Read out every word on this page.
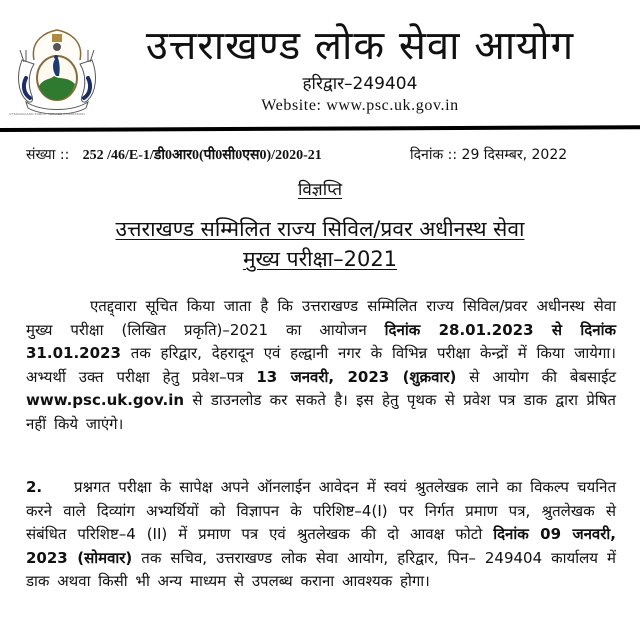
UTTARAKHAND PUBLIC SERVICE COMMISSION
उत्तराखण्ड लोक सेवा आयोग
हरिद्वार–249404
Website: www.psc.uk.gov.in
संख्या :: 252 /46/E-1/डी0आर0(पी0सी0एस0)/2020-21	दिनांक :: 29 दिसम्बर, 2022
विज्ञप्ति
उत्तराखण्ड सम्मिलित राज्य सिविल/प्रवर अधीनस्थ सेवा
मुख्य परीक्षा–2021
एतद्द्वारा सूचित किया जाता है कि उत्तराखण्ड सम्मिलित राज्य सिविल/प्रवर अधीनस्थ सेवा मुख्य परीक्षा (लिखित प्रकृति)–2021 का आयोजन दिनांक 28.01.2023 से दिनांक 31.01.2023 तक हरिद्वार, देहरादून एवं हल्द्वानी नगर के विभिन्न परीक्षा केन्द्रों में किया जायेगा। अभ्यर्थी उक्त परीक्षा हेतु प्रवेश–पत्र 13 जनवरी, 2023 (शुक्रवार) से आयोग की बेबसाईट www.psc.uk.gov.in से डाउनलोड कर सकते है। इस हेतु पृथक से प्रवेश पत्र डाक द्वारा प्रेषित नहीं किये जाएंगे।
2. प्रश्नगत परीक्षा के सापेक्ष अपने ऑनलाईन आवेदन में स्वयं श्रुतलेखक लाने का विकल्प चयनित करने वाले दिव्यांग अभ्यर्थियों को विज्ञापन के परिशिष्ट–4(I) पर निर्गत प्रमाण पत्र, श्रुतलेखक से संबंधित परिशिष्ट–4 (II) में प्रमाण पत्र एवं श्रुतलेखक की दो आवक्ष फोटो दिनांक 09 जनवरी, 2023 (सोमवार) तक सचिव, उत्तराखण्ड लोक सेवा आयोग, हरिद्वार, पिन– 249404 कार्यालय में डाक अथवा किसी भी अन्य माध्यम से उपलब्ध कराना आवश्यक होगा।
